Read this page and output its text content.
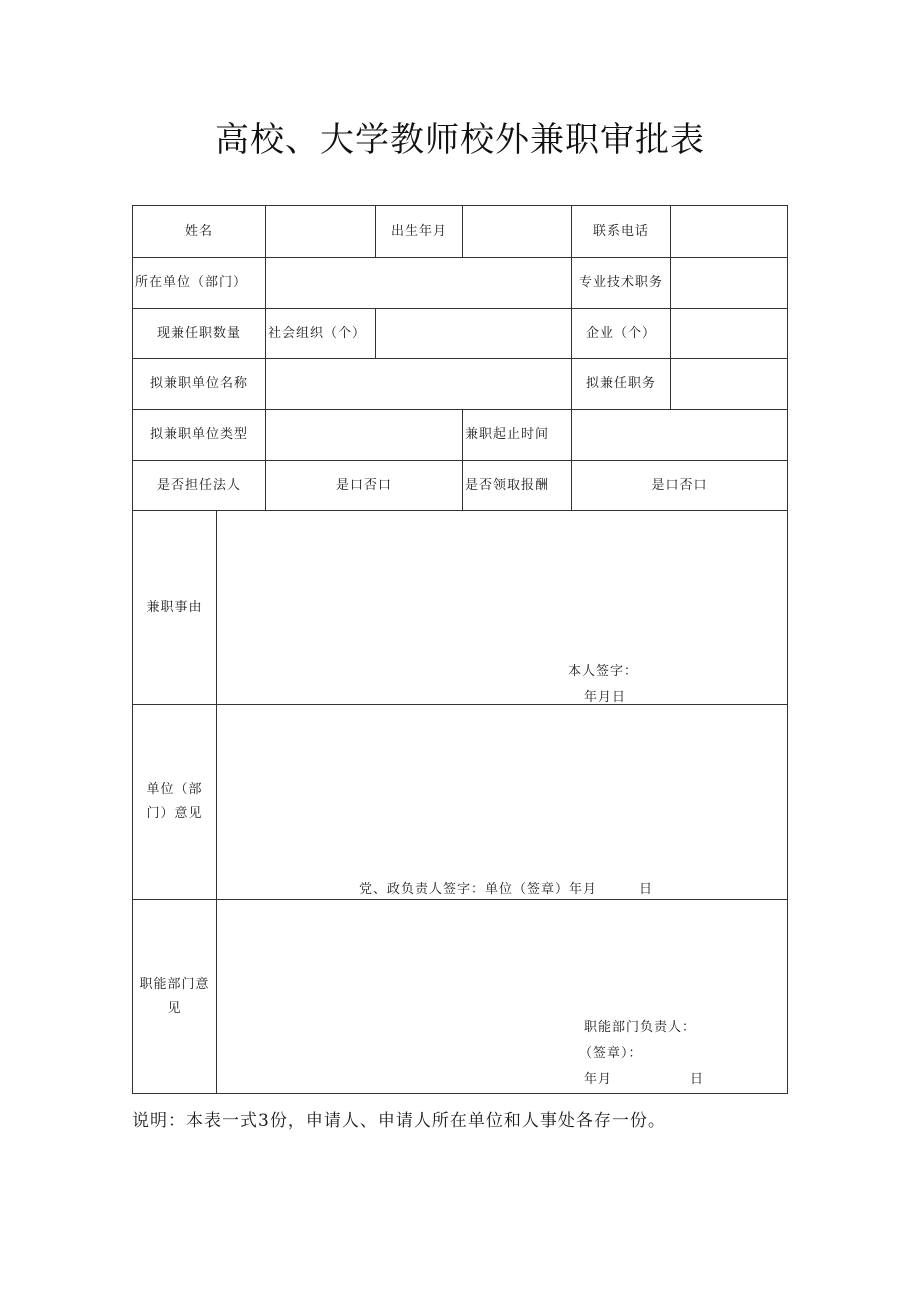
高校、大学教师校外兼职审批表
姓名	出生年月	联系电话
所在单位（部门）	专业技术职务
现兼任职数量 社会组织（个）	企业（个）
拟兼职单位名称	拟兼任职务
拟兼职单位类型	兼职起止时间
是否担任法人	是口否口	是否领取报酬	是口否口
兼职事由
本人签字：
年月日
单位（部门）意见
党、政负责人签字：单位（签章）年月　　　日
职能部门意见
职能部门负责人：
（签章）：
年月	日
说明：本表一式3份，申请人、申请人所在单位和人事处各存一份。
